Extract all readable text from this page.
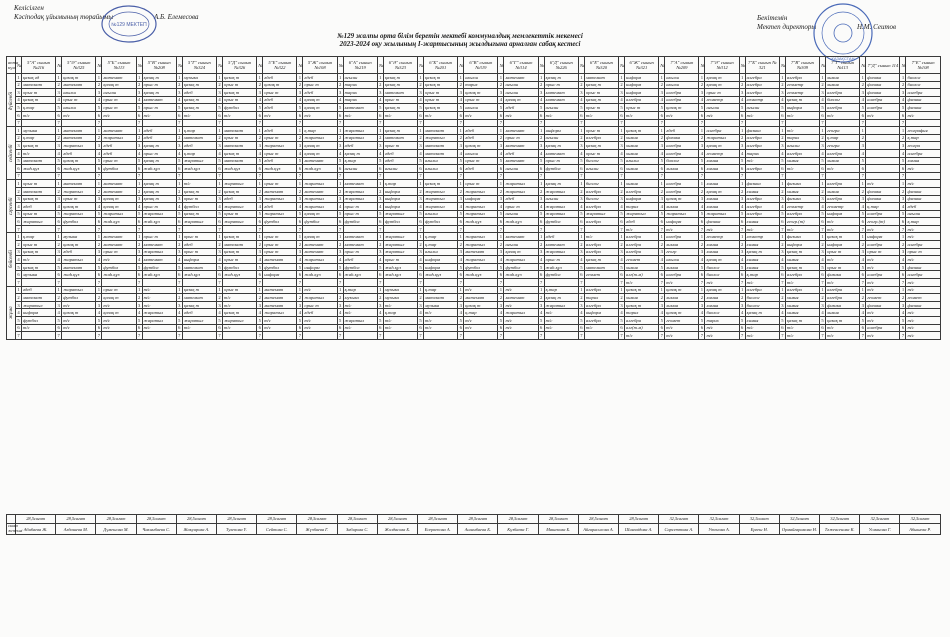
Келісілген
Кәсіподақ ұйымының төрайымы	А.Б. Елемесова
№129 МЕКТЕП
Бекітемін
Мектеп директоры	Н.М. Сеитов
ҚАЗАҚСТАН
№129 жалпы орта білім беретін мектебі коммуналдық мемлекеттік мекемесі
2023-2024 оқу жылының I-жартысының жылдығына арналған сабақ кестесі
апта күні	№	5"А" сынып №216	№	5"Ә" сынып №325	№	5"Б" сынып №113	№	5"В" сынып №208	№	5"Г" сынып №324	№	5"Д" сынып №326	№	5"Е" сынып №322	№	5"Ж" сынып №108	№	6"А" сынып №219	№	6"Ә" сынып №323	№	6"Б" сынып №201	№	6"В" сынып №319	№	6"Г" сынып №314	№	6"Д" сынып №226	№	6"Е" сынып №320	№	6"Ж" сынып №321	№	7"А" сынып №209	№	7"Ә" сынып №312	№	7"Б" сынып № 321	№	7"В" сынып №309	№	7"Г" сынып №113	№	7"Д" сынып 114	№	7"Е" сынып №108
дүйсенбі	1	қазақ әд	1	қазақ т	1	математ	1	қазақ т	1	музыка	1	қазақ т	1	әдеб	1	әдеб	1	ағылш	1	қазақ т	1	қазақ т	1	ағылш	1	математ	1	қазақ т	1	математ	1	информ	1	ағылш	1	қазақ т	1	алгебра	1	алгебра	1	химия	1	физика	1	биолог
	2	математ	2	математ	2	қазақ т	2	орыс т	2	қазақ т	2	орыс т	2	қазақ т	2	орыс т	2	тарих	2	қазақ т	2	қазақ т	2	тарих	2	ағылш	2	орыс т	2	қазақ т	2	информ	2	ағылш	2	қазақ т	2	алгебра	2	геометр	2	химия	2	физика	2	биолог
	3	орыс т	3	ағылш	3	ағылш	3	қазақ т	3	әдеб	3	қазақ т	3	орыс т	3	әдеб	3	тарих	3	математ	3	орыс т	3	қазақ т	3	ағылш	3	математ	3	орыс т	3	информ	3	алгебра	3	орыс т	3	алгебра	3	геометр	3	алгебра	3	физика	3	алгебра
	4	қазақ т	4	орыс т	4	орыс т	4	математ	4	қазақ т	4	орыс т	4	әдеб	4	қазақ т	4	тарих	4	орыс т	4	орыс т	4	орыс т	4	қазақ т	4	математ	4	қазақ т	4	алгебра	4	алгебра	4	геометр	4	геометр	4	қазақ т	4	биолог	4	алгебра	4	физика
	5	қ.тар	5	ағылш	5	орыс т	5	орыс т	5	қазақ т	5	футбол	5	әдеб	5	қазақ т	5	математ	5	қазақ т	5	қазақ т	5	ағылш	5	әдеб	5	ағылш	5	орыс т	5	орыс т	5	қазақ т	5	ағылш	5	ағылш	5	информ	5	алгебра	5	алгебра	5	физика
	6	т/с	6	т/с	6	т/с	6	т/с	6	т/с	6	т/с	6	т/с	6	т/с	6	т/с	6	т/с	6	т/с	6	т/с	6	т/с	6	т/с	6	т/с	6	т/с	6	т/с	6	т/с	6	т/с	6	т/с	6	т/с	6	т/с	6	т/с
	7		7		7		7		7		7		7		7		7		7		7		7		7		7		7		7		7		7		7		7		7		7		7	
сейсенбі	1	музыка	1	математ	1	математ	1	әдеб	1	қ.тар	1	математ	1	әдеб	1	қ.тар	1	жаратыл	1	қазақ т	1	математ	1	әдеб	1	математ	1	информ	1	орыс т	1	қазақ т	1	әдеб	1	алгебра	1	физика	1	т/с	1	геогра	1		1	география
	2	қ.тар	2	математ	2	жаратыл	2	әдеб	2	математ	2	орыс т	2	орыс т	2	жаратыл	2	жаратыл	2	математ	2	жаратыл	2	әдеб	2	орыс т	2	ағылш	2	алгебра	2	химия	2	физика	2	жаратыл	2	алгебра	2	тарих	2	қ.тар	2		2	қ.тар
	3	қазақ т	3	жаратыл	3	әдеб	3	қазақ т	3	әдеб	3	математ	3	жаратыл	3	қазақ т	3	әдеб	3	орыс т	3	математ	3	қазақ т	3	математ	3	қазақ т	3	қазақ т	3	химия	3	алгебра	3	қазақ т	3	алгебра	3	ағылш	3	геогра	3		3	геогра
	4	т/с	4	әдеб	4	әдеб	4	орыс т	4	қ.тар	4	қазақ т	4	орыс т	4	қазақ т	4	қазақ т	4	әдеб	4	математ	4	ағылш	4	әдеб	4	математ	4	орыс т	4	химия	4	алгебра	4	геометр	4	тарих	4	алгебра	4	алгебра	4		4	алгебра
	5	математ	5	қазақ т	5	орыс т	5	қазақ т	5	жаратыл	5	математ	5	әдеб	5	математ	5	қ.тар	5	әдеб	5	ағылш	5	орыс т	5	математ	5	орыс т	5	биолог	5	ағылш	5	биолог	5	химия	5	т/с	5	химия	5	химия	5		5	химия
	6	жаһ.құз	6	жаһ.құз	6	футбол	6	жаһ.құз	6	жаһ.құз	6	жаһ.құз	6	жаһ.құз	6	жаһ.құз	6	ағылш	6	ағылш	6	ағылш	6	әдеб	6	ағылш	6	футбол	6	ағылш	6	химия	6	химия	6	химия	6	алгебра	6	т/с	6	т/с	6		6	т/с
	7		7		7		7		7		7		7		7		7		7		7		7		7		7		7		7		7		7		7		7		7		7		7	
сәрсенбі	1	орыс т	1	математ	1	математ	1	қазақ т	1	т/с	1	жаратыл	1	орыс т	1	жаратыл	1	математ	1	қ.тар	1	қазақ т	1	орыс т	1	жаратыл	1	қазақ т	1	биолог	1	химия	1	алгебра	1	химия	1	физика	1	физика	1	алгебра	1	т/с	1	т/с
	2	математ	2	жаратыл	2	математ	2	қазақ т	2	қазақ т	2	қазақ т	2	математ	2	математ	2	жаратыл	2	информ	2	жаратыл	2	жаратыл	2	жаратыл	2	жаратыл	2	алгебра	2	алгебра	2	алгебра	2	қазақ т	2	химия	2	химия	2	химия	2	физика	2	физика
	3	қазақ т	3	орыс т	3	қазақ т	3	қазақ т	3	орыс т	3	әдеб	3	жаратыл	3	жаратыл	3	жаратыл	3	информ	3	жаратыл	3	информ	3	әдеб	3	ағылш	3	биолог	3	информ	3	қазақ т	3	химия	3	алгебра	3	физика	3	алгебра	3	физика	3	физика
	4	әдеб	4	қазақ т	4	қазақ т	4	орыс т	4	футбол	4	жаратыл	4	әдеб	4	жаратыл	4	орыс т	4	информ	4	жаратыл	4	жаратыл	4	орыс т	4	жаратыл	4	алгебра	4	тарих	4	химия	4	химия	4	алгебра	4	геометр	4	геометр	4	қ.тар	4	әдеб
	5	орыс т	5	жаратыл	5	жаратыл	5	жаратыл	5	қазақ т	5	орыс т	5	жаратыл	5	қазақ т	5	орыс т	5	жаратыл	5	ағылш	5	жаратыл	5	ағылш	5	жаратыл	5	жаратыл	5	жаратыл	5	жаратыл	5	жаратыл	5	алгебра	5	алгебра	5	информ	5	алгебра	5	ағылш
	6	жаратыл	6	футбол	6	жаһ.құз	6	жаһ.құз	6	жаратыл	6	жаратыл	6	футбол	6	футбол	6	футбол	6	футбол	6	футбол	6	жаһ.құз	6	жаһ.құз	6	футбол	6	алгебра	6	әдеб	6	информ	6	физика	6	химия	6	геогр.(т)	6	т/с	6	геогр.(т)	6	қ.тар
	7		7		7		7		7		7		7		7		7		7		7		7		7		7		7		7	т/с	7	т/с	7	т/с	7	т/с	7	т/с	7	т/с	7	т/с	7	т/с
бейсенбі	1	қ.тар	1	музыка	1	математ	1	орыс т	1	орыс т	1	қазақ т	1	орыс т	1	қазақ т	1	математ	1	жаратыл	1	қ.тар	1	жаратыл	1	математ	1	әдеб	1	т/с	1	алгебра	1	алгебра	1	геометр	1	геометр	1	физика	1	қазақ т	1	информ	1	т/с
	2	орыс т	2	қазақ т	2	математ	2	математ	2	әдеб	2	математ	2	орыс т	2	математ	2	математ	2	жаратыл	2	қ.тар	2	жаратыл	2	ағылш	2	математ	2	алгебра	2	алгебра	2	химия	2	химия	2	химия	2	информ	2	информ	2	алгебра	2	алгебра
	3	қазақ т	3	әдеб	3	орыс т	3	жаратыл	3	орыс т	3	қазақ т	3	орыс т	3	математ	3	орыс т	3	жаратыл	3	ағылш	3	математ	3	қазақ т	3	жаратыл	3	алгебра	3	алгебра	3	геогр	3	химия	3	қазақ т	3	қазақ т	3	орыс т	3	орыс т	3	орыс т
	4	т/с	4	жаратыл	4	т/с	4	математ	4	информ	4	орыс т	4	математ	4	жаратыл	4	әдеб	4	орыс т	4	информ	4	жаратыл	4	жаратыл	4	орыс т	4	қазақ т	4	геомет	4	ағылш	4	қазақ т	4	химия	4	химия	4	т/с	4	т/с	4	т/с
	5	қазақ т	5	математ	5	футбол	5	футбол	5	математ	5	футбол	5	футбол	5	информ	5	футбол	5	жаһ.құз	5	информ	5	футбол	5	футбол	5	жаһ.құз	5	математ	5	химия	5	химия	5	биолог	5	химия	5	қазақ т	5	орыс т	5	т/с	5	физика
	6	музыка	6	жаһ.құз	6	жаһ.құз	6	жаһ.құз	6	жаһ.құз	6	жаһ.құз	6	информ	6	жаһ.құз	6	жаһ.құз	6	жаһ.құз	6	жаһ.құз	6	жаһ.құз	6	жаһ.құз	6	футбол	6	геомет	6	алг(т.м)	6	алгебра	6	биолог	6	қ.тар	6	алгебра	6	физика	6	алгебра	6	алгебра
	7		7		7		7		7		7		7		7		7		7		7		7		7		7		7		7	т/с	7	т/с	7	т/с	7	т/с	7	т/с	7	т/с	7	т/с	7	т/с
жұма	1	әдеб	1	жаратыл	1	орыс т	1	т/с	1	қазақ т	1	орыс т	1	математ	1	т/с	1	қ.тар	1	музыка	1	қ.тар	1	т/с	1	т/с	1	қ.тар	1	алгебра	1	қазақ т	1	қазақ т	1	қазақ т	1	алгебра	1	алгебра	1	алгебра	1	т/с	1	т/с
	2	математ	2	футбол	2	қазақ т	2	т/с	2	математ	2	т/с	2	математ	2	жаратыл	2	музыка	2	музыка	2	математ	2	математ	2	математ	2	қазақ т	2	тарих	2	химия	2	химия	2	химия	2	биолог	2	химия	2	алгебра	2	геомет	2	геомет
	3	жаратыл	3	т/с	3	т/с	3	т/с	3	қазақ т	3	т/с	3	математ	3	орыс т	3	т/с	3	т/с	3	музыка	3	қазақ т	3	т/с	3	жаратыл	3	алгебра	3	қазақ т	3	химия	3	химия	3	биолог	3	химия	3	физика	3	физика	3	физика
	4	информ	4	қазақ т	4	қазақ т	4	жаратыл	4	әдеб	4	қазақ т	4	жаратыл	4	әдеб	4	т/с	4	қ.тар	4	т/с	4	қ.тар	4	жаратыл	4	т/с	4	информ	4	тарих	4	қазақ т	4	биолог	4	қазақ т	4	химия	4	химия	4	т/с	4	т/с
	5	футбол	5	т/с	5	т/с	5	жаратыл	5	жаратыл	5	жаратыл	5	т/с	5	т/с	5	жаратыл	5	т/с	5	т/с	5	т/с	5	т/с	5	т/с	5	алгебра	5	алгебра	5	геомет	5	тарих	5	химия	5	қазақ т	5	қазақ т	5	т/с	5	т/с
	6	т/с	6	т/с	6	т/с	6	т/с	6	т/с	6	т/с	6	т/с	6	т/с	6	т/с	6	т/с	6	т/с	6	т/с	6	т/с	6	т/с	6	т/с	6	алг(т.м)	6	т/с	6	т/с	6	т/с	6	т/с	6	т/с	6	алгебра	6	т/с
	7		7		7		7		7		7		7		7		7		7		7		7		7		7		7		7	т/с	7	т/с	7	т/с	7	т/с	7	т/с	7	т/с	7	т/с	7	т/с
	28,5сағат	28,5сағат	28,5сағат	28,5сағат	28,5сағат	28,5сағат	28,5сағат	28,5сағат	28,5сағат	28,5сағат	28,5сағат	28,5сағат	28,5сағат	28,5сағат	28,5сағат	28,5сағат	32,5сағат	32,5сағат	32,5сағат	32,5сағат	32,5сағат	32,5сағат	32,5сағат
сынып жетекші	Абибаева Ж.	Алдашева М.	Дүмешова М.	Чакимбаева С.	Жакуарова А.	Тулепова Ү.	Сейтова С.	Жүзбаева Г.	Забирова С.	Жолдасова Б.	Есеркепова А.	Ашимбаева Б.	Кұзбаева Г.	Машекова Б.	Айгарасилова А.	Шинзаідова А.	Сарсеттова А.	Утенова А.	Ергеш Н.	Ормайғарамова Н.	Тәжеасенова К.	Усманова Г.	Абышева Р.
